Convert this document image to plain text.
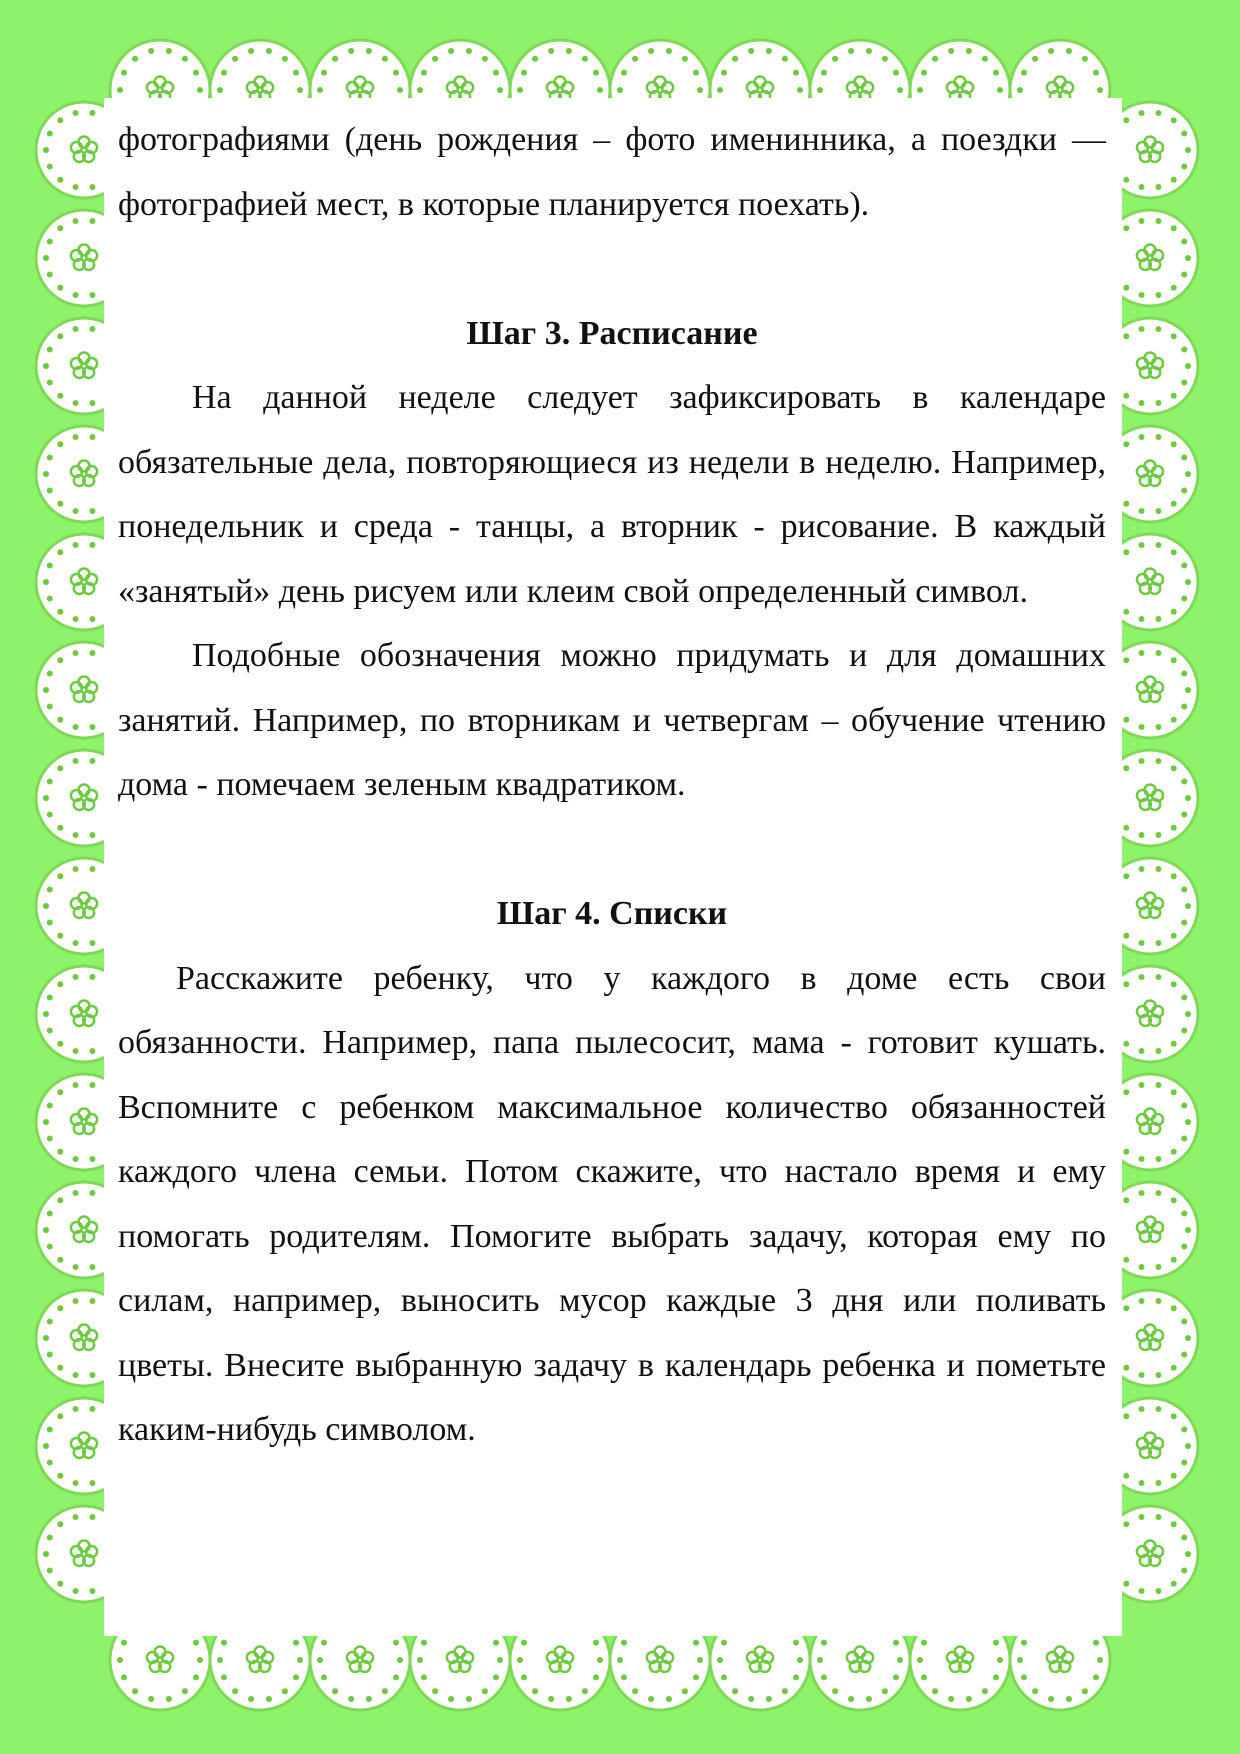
фотографиями (день рождения – фото именинника, а поездки — фотографией мест, в которые планируется поехать).

Шаг 3. Расписание

На данной неделе следует зафиксировать в календаре обязательные дела, повторяющиеся из недели в неделю. Например, понедельник и среда - танцы, а вторник - рисование. В каждый «занятый» день рисуем или клеим свой определенный символ.

Подобные обозначения можно придумать и для домашних занятий. Например, по вторникам и четвергам – обучение чтению дома - помечаем зеленым квадратиком.

Шаг 4. Списки

Расскажите ребенку, что у каждого в доме есть свои обязанности. Например, папа пылесосит, мама - готовит кушать. Вспомните с ребенком максимальное количество обязанностей каждого члена семьи. Потом скажите, что настало время и ему помогать родителям. Помогите выбрать задачу, которая ему по силам, например, выносить мусор каждые 3 дня или поливать цветы. Внесите выбранную задачу в календарь ребенка и пометьте каким-нибудь символом.
